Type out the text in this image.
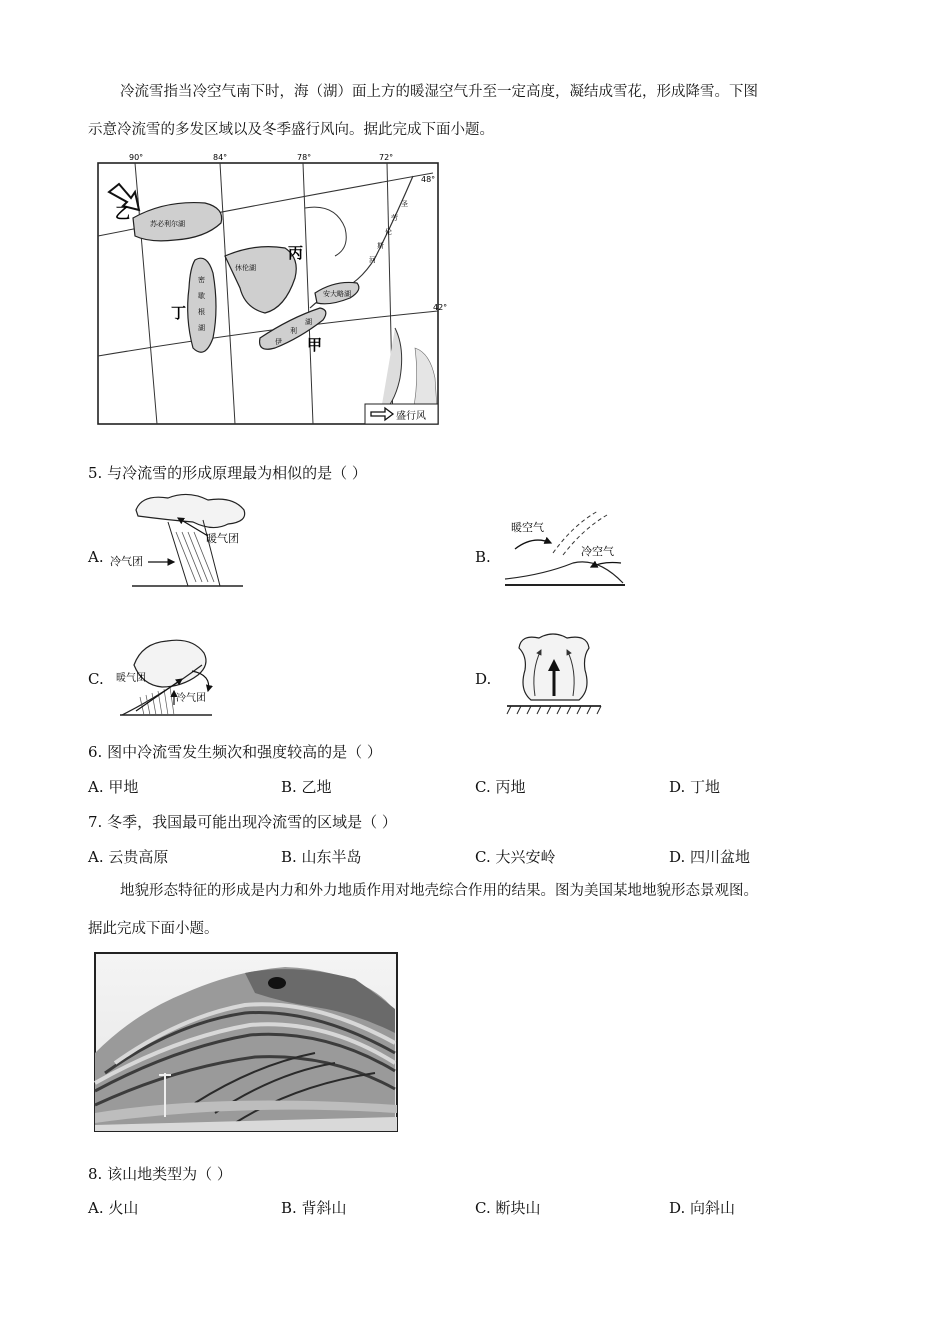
冷流雪指当冷空气南下时，海（湖）面上方的暖湿空气升至一定高度，凝结成雪花，形成降雪。下图
示意冷流雪的多发区域以及冬季盛行风向。据此完成下面小题。
90°	84°	78°	72°
48°
42°
乙
丙
丁
甲
苏必利尔湖
休伦湖
密
歇
根
湖
安大略湖
伊
利
湖
圣
劳
伦
斯
河
盛行风
5. 与冷流雪的形成原理最为相似的是（ ）
A. 冷气团
暖气团
B.
暖空气
冷空气
C. 暖气团
冷气团
D.
6. 图中冷流雪发生频次和强度较高的是（ ）
A. 甲地	B. 乙地	C. 丙地	D. 丁地
7. 冬季，我国最可能出现冷流雪的区域是（ ）
A. 云贵高原	B. 山东半岛	C. 大兴安岭	D. 四川盆地
地貌形态特征的形成是内力和外力地质作用对地壳综合作用的结果。图为美国某地地貌形态景观图。
据此完成下面小题。
8. 该山地类型为（ ）
A. 火山	B. 背斜山	C. 断块山	D. 向斜山
